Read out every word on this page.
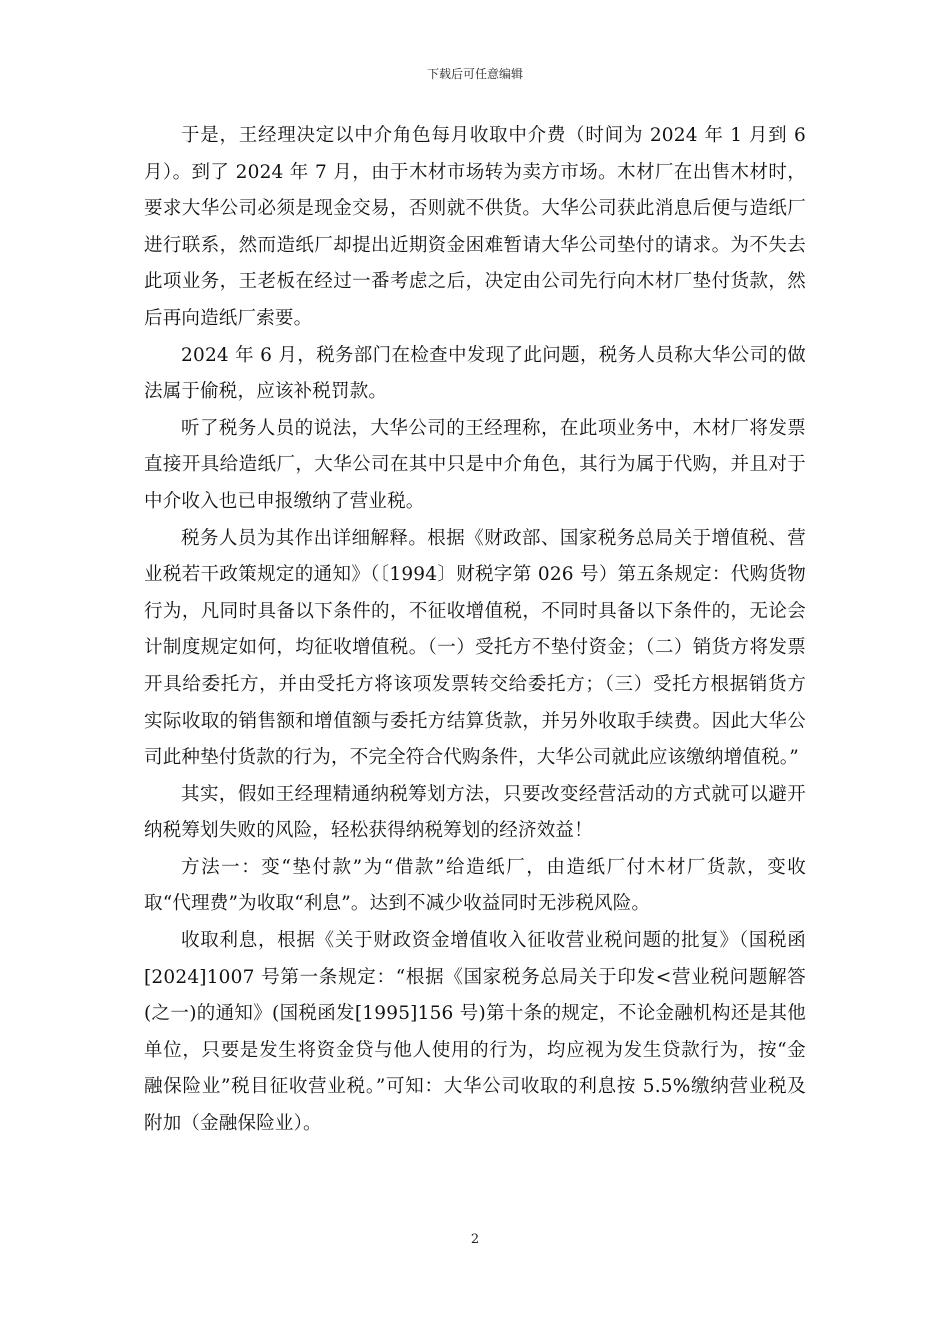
下载后可任意编辑

于是，王经理决定以中介角色每月收取中介费（时间为 2024 年 1 月到 6 月）。到了 2024 年 7 月，由于木材市场转为卖方市场。木材厂在出售木材时，要求大华公司必须是现金交易，否则就不供货。大华公司获此消息后便与造纸厂进行联系，然而造纸厂却提出近期资金困难暂请大华公司垫付的请求。为不失去此项业务，王老板在经过一番考虑之后，决定由公司先行向木材厂垫付货款，然后再向造纸厂索要。

2024 年 6 月，税务部门在检查中发现了此问题，税务人员称大华公司的做法属于偷税，应该补税罚款。

听了税务人员的说法，大华公司的王经理称，在此项业务中，木材厂将发票直接开具给造纸厂，大华公司在其中只是中介角色，其行为属于代购，并且对于中介收入也已申报缴纳了营业税。

税务人员为其作出详细解释。根据《财政部、国家税务总局关于增值税、营业税若干政策规定的通知》（〔1994〕财税字第 026 号）第五条规定：代购货物行为，凡同时具备以下条件的，不征收增值税，不同时具备以下条件的，无论会计制度规定如何，均征收增值税。（一）受托方不垫付资金；（二）销货方将发票开具给委托方，并由受托方将该项发票转交给委托方；（三）受托方根据销货方实际收取的销售额和增值额与委托方结算货款，并另外收取手续费。因此大华公司此种垫付货款的行为，不完全符合代购条件，大华公司就此应该缴纳增值税。”

其实，假如王经理精通纳税筹划方法，只要改变经营活动的方式就可以避开纳税筹划失败的风险，轻松获得纳税筹划的经济效益！

方法一：变“垫付款”为“借款”给造纸厂，由造纸厂付木材厂货款，变收取“代理费”为收取“利息”。达到不减少收益同时无涉税风险。

收取利息，根据《关于财政资金增值收入征收营业税问题的批复》（国税函[2024]1007 号第一条规定：“根据《国家税务总局关于印发<营业税问题解答(之一)的通知》(国税函发[1995]156 号)第十条的规定，不论金融机构还是其他单位，只要是发生将资金贷与他人使用的行为，均应视为发生贷款行为，按“金融保险业”税目征收营业税。”可知：大华公司收取的利息按 5.5%缴纳营业税及附加（金融保险业）。

2
